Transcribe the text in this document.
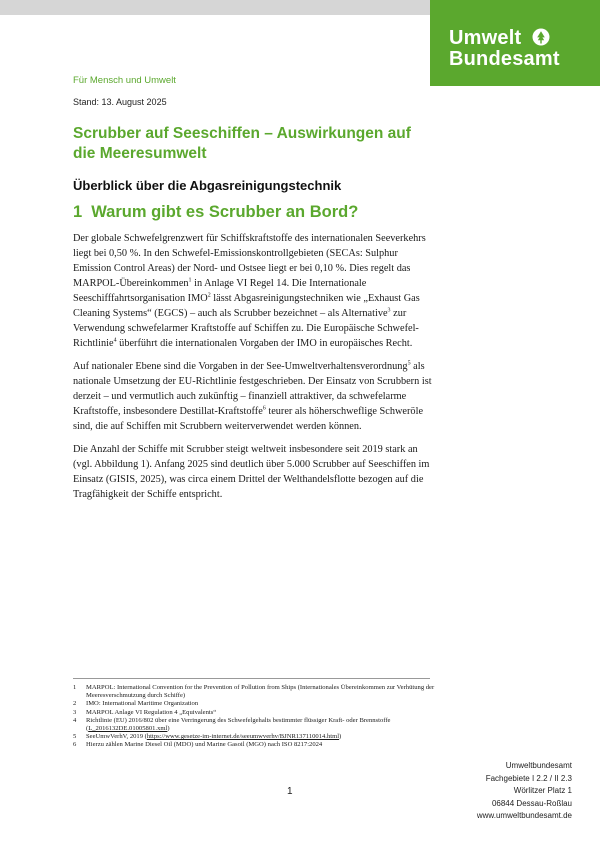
Umwelt
Bundesamt
Für Mensch und Umwelt
Stand: 13. August 2025
Scrubber auf Seeschiffen – Auswirkungen auf die Meeresumwelt
Überblick über die Abgasreinigungstechnik
1 Warum gibt es Scrubber an Bord?

Der globale Schwefelgrenzwert für Schiffskraftstoffe des internationalen Seeverkehrs liegt bei 0,50 %. In den Schwefel-Emissionskontrollgebieten (SECAs: Sulphur Emission Control Areas) der Nord- und Ostsee liegt er bei 0,10 %. Dies regelt das MARPOL-Übereinkommen$^1$ in Anlage VI Regel 14. Die Internationale Seeschifffahrtsorganisation IMO$^2$ lässt Abgasreinigungstechniken wie „Exhaust Gas Cleaning Systems“ (EGCS) – auch als Scrubber bezeichnet – als Alternative$^3$ zur Verwendung schwefelarmer Kraftstoffe auf Schiffen zu. Die Europäische Schwefel-Richtlinie$^4$ überführt die internationalen Vorgaben der IMO in europäisches Recht.

Auf nationaler Ebene sind die Vorgaben in der See-Umweltverhaltensverordnung$^5$ als nationale Umsetzung der EU-Richtlinie festgeschrieben. Der Einsatz von Scrubbern ist derzeit – und vermutlich auch zukünftig – finanziell attraktiver, da schwefelarme Kraftstoffe, insbesondere Destillat-Kraftstoffe$^6$ teurer als höherschweflige Schweröle sind, die auf Schiffen mit Scrubbern weiterverwendet werden können.

Die Anzahl der Schiffe mit Scrubber steigt weltweit insbesondere seit 2019 stark an (vgl. Abbildung 1). Anfang 2025 sind deutlich über 5.000 Scrubber auf Seeschiffen im Einsatz (GISIS, 2025), was circa einem Drittel der Welthandelsflotte bezogen auf die Tragfähigkeit der Schiffe entspricht.

1	MARPOL: International Convention for the Prevention of Pollution from Ships (Internationales Übereinkommen zur Verhütung der Meeresverschmutzung durch Schiffe)
2	IMO: International Maritime Organization
3	MARPOL Anlage VI Regulation 4 „Equivalents“
4	Richtlinie (EU) 2016/802 über eine Verringerung des Schwefelgehalts bestimmter flüssiger Kraft- oder Brennstoffe (L_2016132DE.01005801.xml)
5	SeeUmwVerhV, 2019 (https://www.gesetze-im-internet.de/seeumwverhv/BJNR137110014.html)
6	Hierzu zählen Marine Diesel Oil (MDO) und Marine Gasoil (MGO) nach ISO 8217:2024
1
Umweltbundesamt
Fachgebiete I 2.2 / II 2.3
Wörlitzer Platz 1
06844 Dessau-Roßlau
www.umweltbundesamt.de
